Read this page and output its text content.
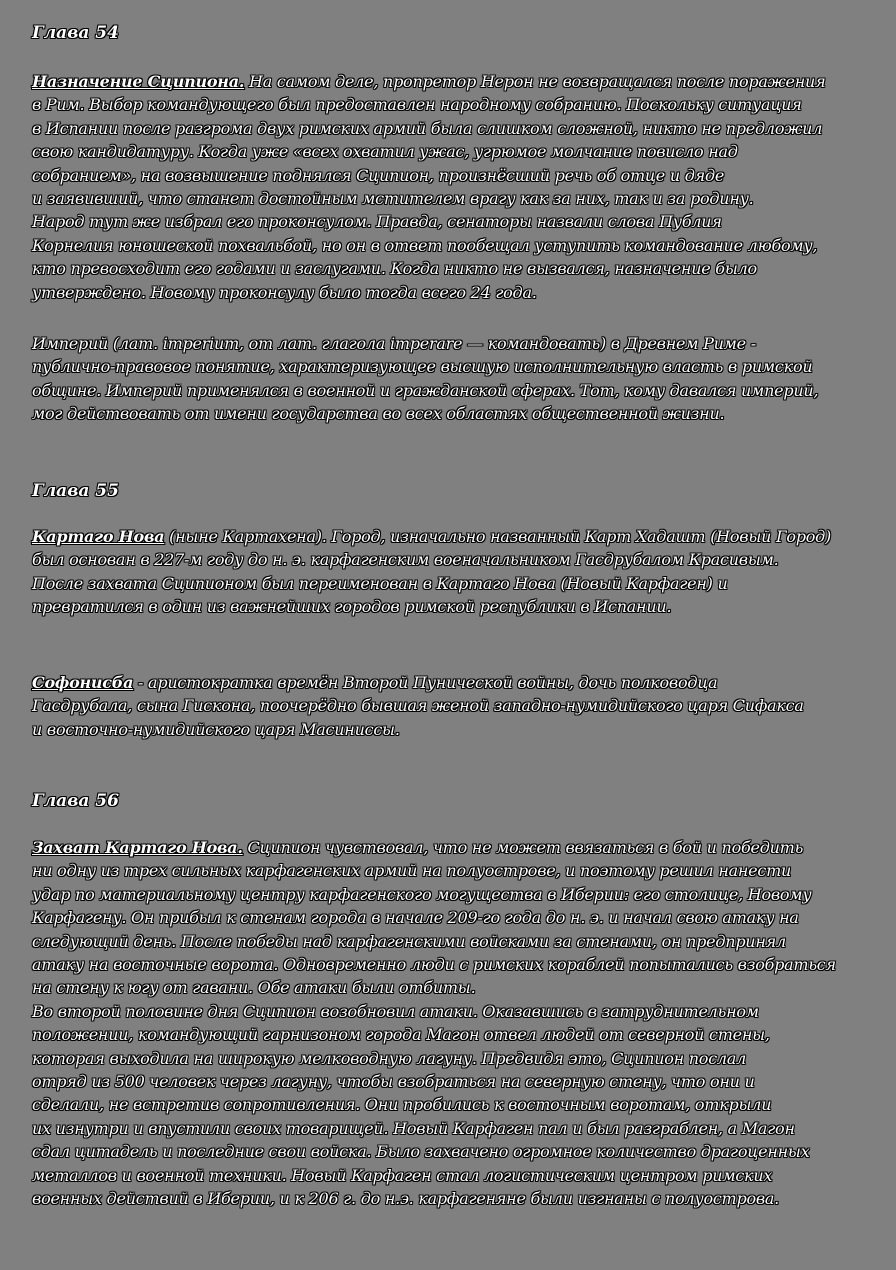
Глава 54

Назначение Сципиона. На самом деле, пропретор Нерон не возвращался после поражения
в Рим. Выбор командующего был предоставлен народному собранию. Поскольку ситуация
в Испании после разгрома двух римских армий была слишком сложной, никто не предложил
свою кандидатуру. Когда уже «всех охватил ужас, угрюмое молчание повисло над
собранием», на возвышение поднялся Сципион, произнёсший речь об отце и дяде
и заявивший, что станет достойным мстителем врагу как за них, так и за родину.
Народ тут же избрал его проконсулом. Правда, сенаторы назвали слова Публия
Корнелия юношеской похвальбой, но он в ответ пообещал уступить командование любому,
кто превосходит его годами и заслугами. Когда никто не вызвался, назначение было
утверждено. Новому проконсулу было тогда всего 24 года.

Империй (лат. imperium, от лат. глагола imperare — командовать) в Древнем Риме -
публично-правовое понятие, характеризующее высшую исполнительную власть в римской
общине. Империй применялся в военной и гражданской сферах. Тот, кому давался империй,
мог действовать от имени государства во всех областях общественной жизни.

Глава 55

Картаго Нова (ныне Картахена). Город, изначально названный Карт Хадашт (Новый Город)
был основан в 227-м году до н. э. карфагенским военачальником Гасдрубалом Красивым.
После захвата Сципионом был переименован в Картаго Нова (Новый Карфаген) и
превратился в один из важнейших городов римской республики в Испании.

Софонисба - аристократка времён Второй Пунической войны, дочь полководца
Гасдрубала, сына Гискона, поочерёдно бывшая женой западно-нумидийского царя Сифакса
и восточно-нумидийского царя Масиниссы.

Глава 56

Захват Картаго Нова. Сципион чувствовал, что не может ввязаться в бой и победить
ни одну из трех сильных карфагенских армий на полуострове, и поэтому решил нанести
удар по материальному центру карфагенского могущества в Иберии: его столице, Новому
Карфагену. Он прибыл к стенам города в начале 209-го года до н. э. и начал свою атаку на
следующий день. После победы над карфагенскими войсками за стенами, он предпринял
атаку на восточные ворота. Одновременно люди с римских кораблей попытались взобраться
на стену к югу от гавани. Обе атаки были отбиты.
Во второй половине дня Сципион возобновил атаки. Оказавшись в затруднительном
положении, командующий гарнизоном города Магон отвел людей от северной стены,
которая выходила на широкую мелководную лагуну. Предвидя это, Сципион послал
отряд из 500 человек через лагуну, чтобы взобраться на северную стену, что они и
сделали, не встретив сопротивления. Они пробились к восточным воротам, открыли
их изнутри и впустили своих товарищей. Новый Карфаген пал и был разграблен, а Магон
сдал цитадель и последние свои войска. Было захвачено огромное количество драгоценных
металлов и военной техники. Новый Карфаген стал логистическим центром римских
военных действий в Иберии, и к 206 г. до н.э. карфагеняне были изгнаны с полуострова.
